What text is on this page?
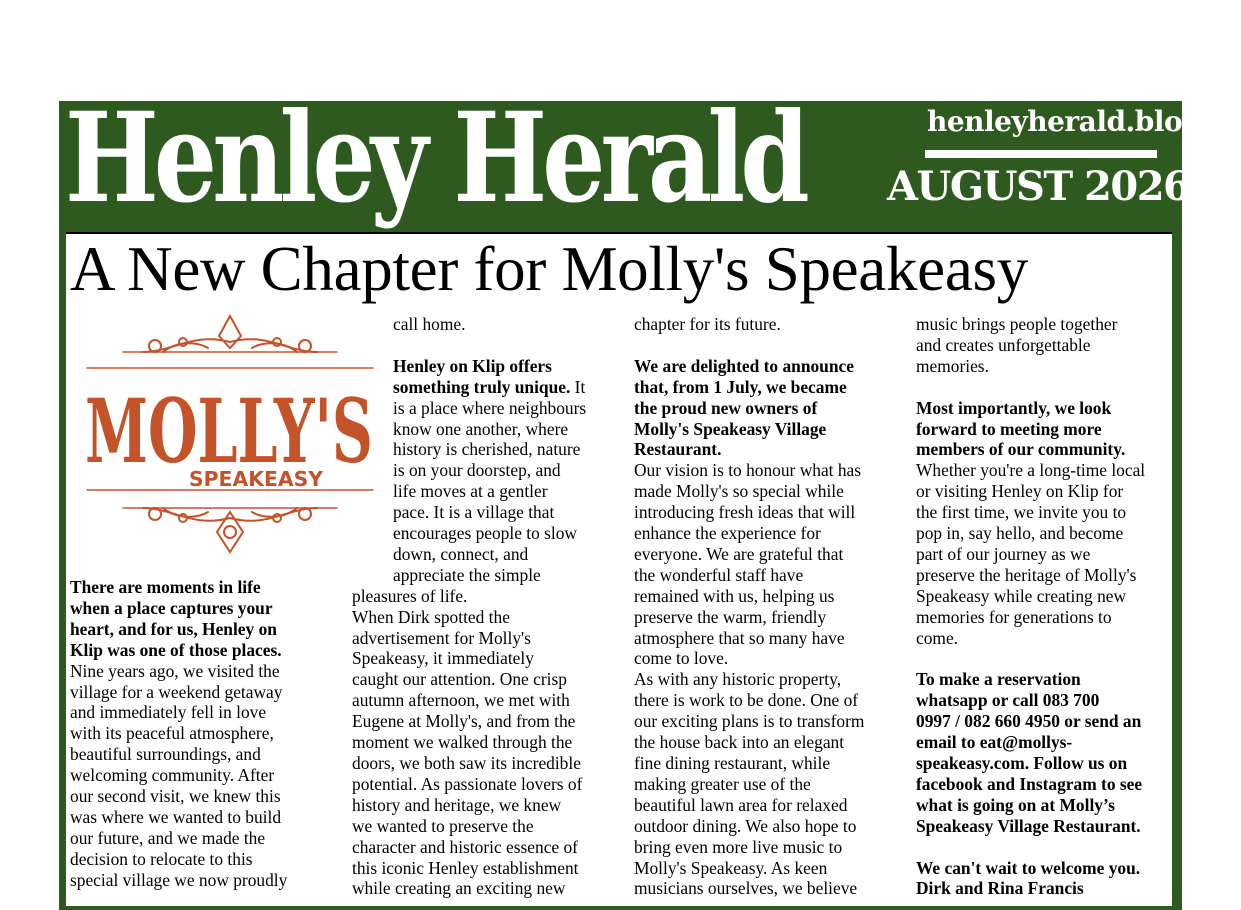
Henley Herald	henleyherald.blog
AUGUST 2026
A New Chapter for Molly's Speakeasy
MOLLY'S
SPEAKEASY
There are moments in life
when a place captures your
heart, and for us, Henley on
Klip was one of those places.
Nine years ago, we visited the
village for a weekend getaway
and immediately fell in love
with its peaceful atmosphere,
beautiful surroundings, and
welcoming community. After
our second visit, we knew this
was where we wanted to build
our future, and we made the
decision to relocate to this
special village we now proudly
call home.
Henley on Klip offers
something truly unique. It
is a place where neighbours
know one another, where
history is cherished, nature
is on your doorstep, and
life moves at a gentler
pace. It is a village that
encourages people to slow
down, connect, and
appreciate the simple
pleasures of life.
When Dirk spotted the
advertisement for Molly's
Speakeasy, it immediately
caught our attention. One crisp
autumn afternoon, we met with
Eugene at Molly's, and from the
moment we walked through the
doors, we both saw its incredible
potential. As passionate lovers of
history and heritage, we knew
we wanted to preserve the
character and historic essence of
this iconic Henley establishment
while creating an exciting new
chapter for its future.
We are delighted to announce
that, from 1 July, we became
the proud new owners of
Molly's Speakeasy Village
Restaurant.
Our vision is to honour what has
made Molly's so special while
introducing fresh ideas that will
enhance the experience for
everyone. We are grateful that
the wonderful staff have
remained with us, helping us
preserve the warm, friendly
atmosphere that so many have
come to love.
As with any historic property,
there is work to be done. One of
our exciting plans is to transform
the house back into an elegant
fine dining restaurant, while
making greater use of the
beautiful lawn area for relaxed
outdoor dining. We also hope to
bring even more live music to
Molly's Speakeasy. As keen
musicians ourselves, we believe
music brings people together
and creates unforgettable
memories.
Most importantly, we look
forward to meeting more
members of our community.
Whether you're a long-time local
or visiting Henley on Klip for
the first time, we invite you to
pop in, say hello, and become
part of our journey as we
preserve the heritage of Molly's
Speakeasy while creating new
memories for generations to
come.
To make a reservation
whatsapp or call 083 700
0997 / 082 660 4950 or send an
email to eat@mollys-
speakeasy.com. Follow us on
facebook and Instagram to see
what is going on at Molly’s
Speakeasy Village Restaurant.
We can't wait to welcome you.
Dirk and Rina Francis
